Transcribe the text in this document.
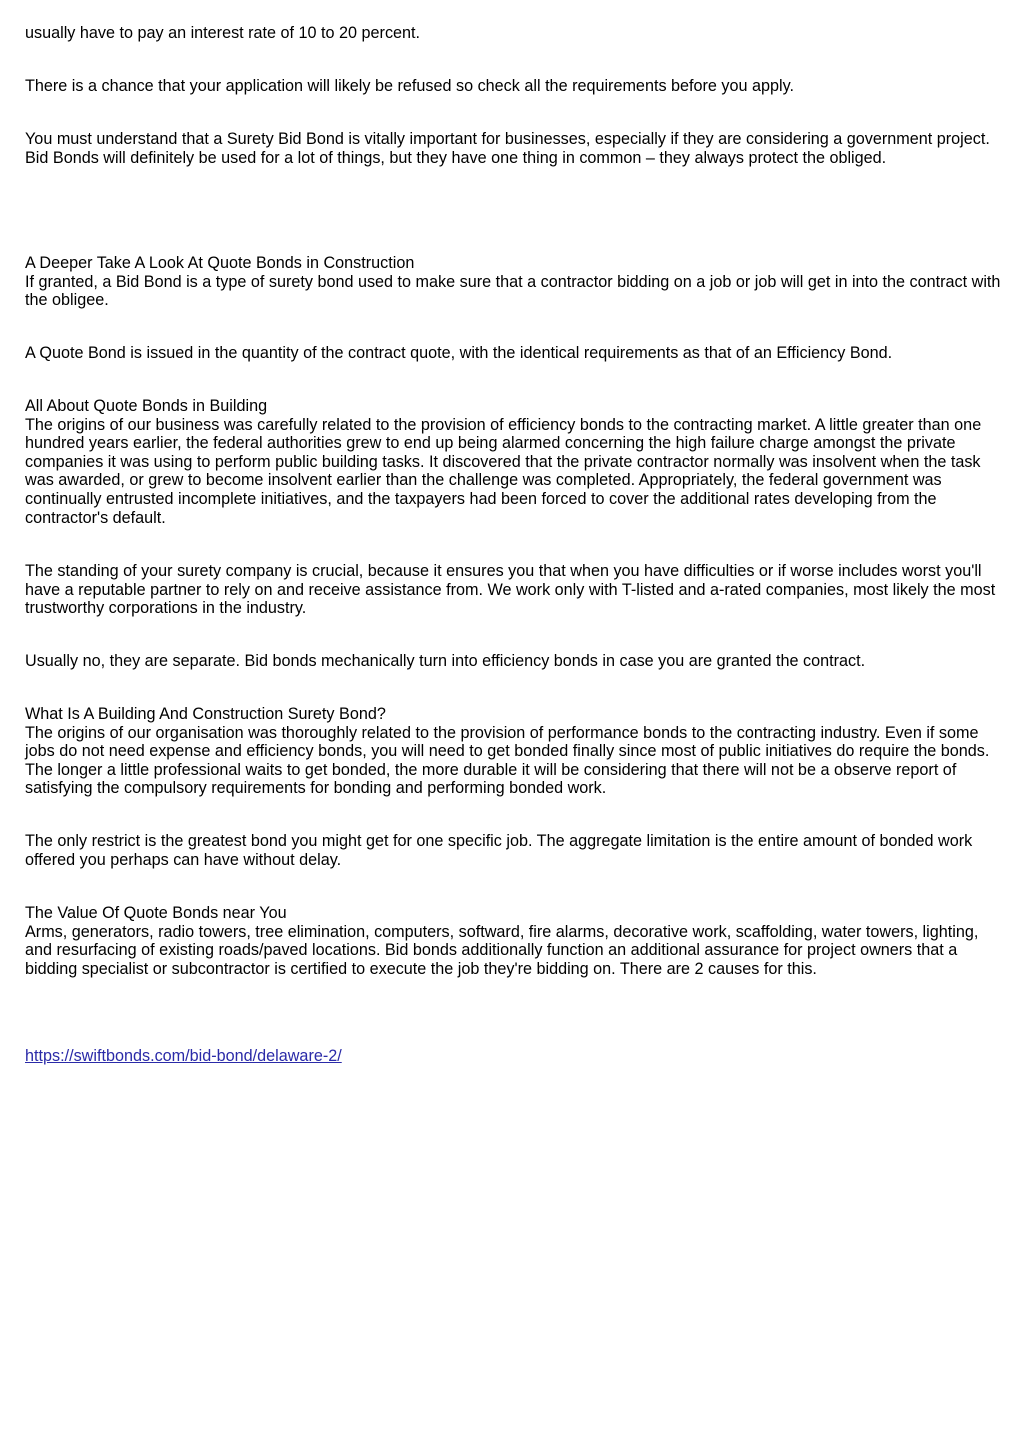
usually have to pay an interest rate of 10 to 20 percent.

There is a chance that your application will likely be refused so check all the requirements before you apply.

You must understand that a Surety Bid Bond is vitally important for businesses, especially if they are considering a government project. Bid Bonds will definitely be used for a lot of things, but they have one thing in common – they always protect the obliged.

A Deeper Take A Look At Quote Bonds in Construction
If granted, a Bid Bond is a type of surety bond used to make sure that a contractor bidding on a job or job will get in into the contract with the obligee.

A Quote Bond is issued in the quantity of the contract quote, with the identical requirements as that of an Efficiency Bond.

All About Quote Bonds in Building
The origins of our business was carefully related to the provision of efficiency bonds to the contracting market. A little greater than one hundred years earlier, the federal authorities grew to end up being alarmed concerning the high failure charge amongst the private companies it was using to perform public building tasks. It discovered that the private contractor normally was insolvent when the task was awarded, or grew to become insolvent earlier than the challenge was completed. Appropriately, the federal government was continually entrusted incomplete initiatives, and the taxpayers had been forced to cover the additional rates developing from the contractor's default.

The standing of your surety company is crucial, because it ensures you that when you have difficulties or if worse includes worst you'll have a reputable partner to rely on and receive assistance from. We work only with T-listed and a-rated companies, most likely the most trustworthy corporations in the industry.

Usually no, they are separate. Bid bonds mechanically turn into efficiency bonds in case you are granted the contract.

What Is A Building And Construction Surety Bond?
The origins of our organisation was thoroughly related to the provision of performance bonds to the contracting industry. Even if some jobs do not need expense and efficiency bonds, you will need to get bonded finally since most of public initiatives do require the bonds. The longer a little professional waits to get bonded, the more durable it will be considering that there will not be a observe report of satisfying the compulsory requirements for bonding and performing bonded work.

The only restrict is the greatest bond you might get for one specific job. The aggregate limitation is the entire amount of bonded work offered you perhaps can have without delay.

The Value Of Quote Bonds near You
Arms, generators, radio towers, tree elimination, computers, softward, fire alarms, decorative work, scaffolding, water towers, lighting, and resurfacing of existing roads/paved locations. Bid bonds additionally function an additional assurance for project owners that a bidding specialist or subcontractor is certified to execute the job they're bidding on. There are 2 causes for this.

https://swiftbonds.com/bid-bond/delaware-2/
